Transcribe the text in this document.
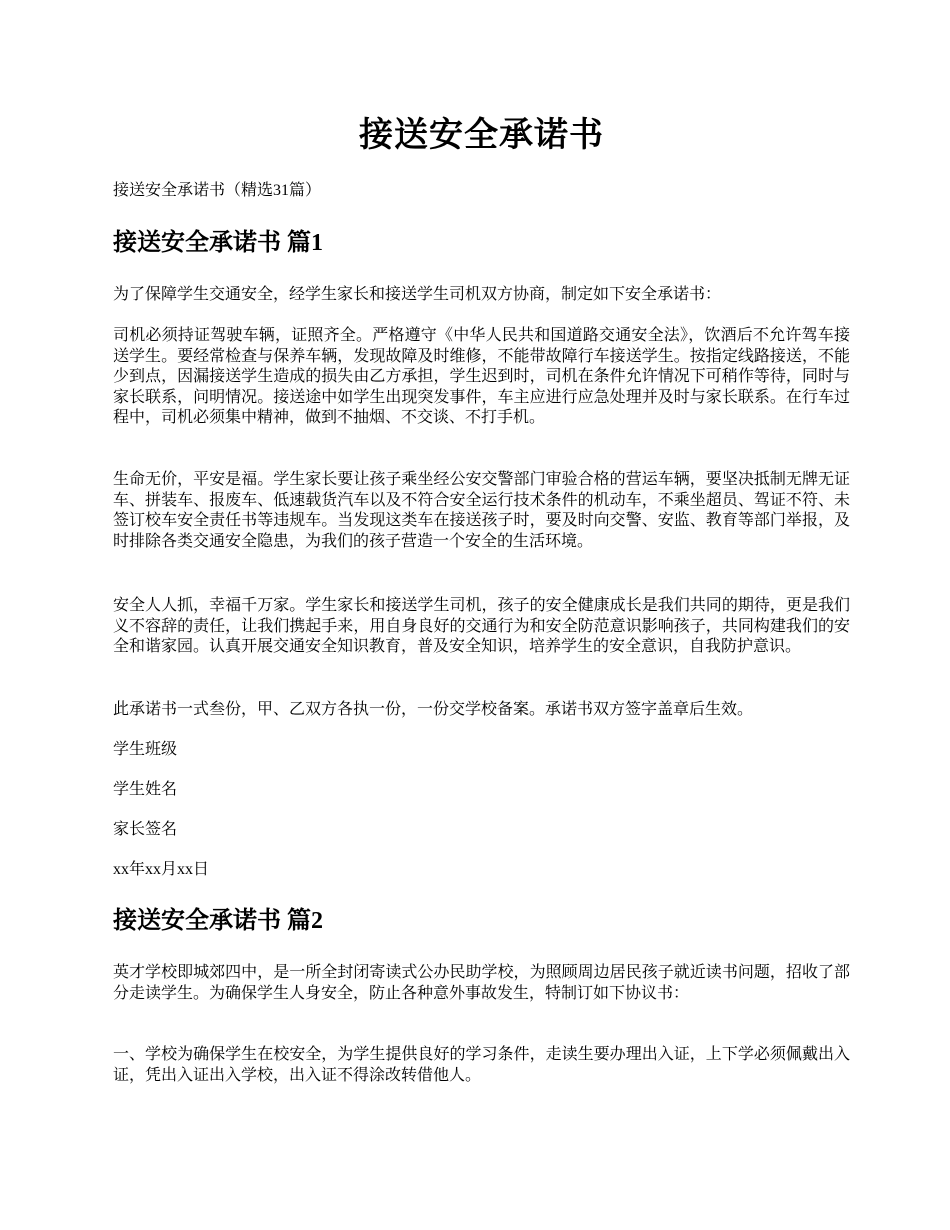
接送安全承诺书

接送安全承诺书（精选31篇）

接送安全承诺书 篇1

为了保障学生交通安全，经学生家长和接送学生司机双方协商，制定如下安全承诺书：

司机必须持证驾驶车辆，证照齐全。严格遵守《中华人民共和国道路交通安全法》，饮酒后不允许驾车接送学生。要经常检查与保养车辆，发现故障及时维修，不能带故障行车接送学生。按指定线路接送，不能少到点，因漏接送学生造成的损失由乙方承担，学生迟到时，司机在条件允许情况下可稍作等待，同时与家长联系，问明情况。接送途中如学生出现突发事件，车主应进行应急处理并及时与家长联系。在行车过程中，司机必须集中精神，做到不抽烟、不交谈、不打手机。

生命无价，平安是福。学生家长要让孩子乘坐经公安交警部门审验合格的营运车辆，要坚决抵制无牌无证车、拼装车、报废车、低速载货汽车以及不符合安全运行技术条件的机动车，不乘坐超员、驾证不符、未签订校车安全责任书等违规车。当发现这类车在接送孩子时，要及时向交警、安监、教育等部门举报，及时排除各类交通安全隐患，为我们的孩子营造一个安全的生活环境。

安全人人抓，幸福千万家。学生家长和接送学生司机，孩子的安全健康成长是我们共同的期待，更是我们义不容辞的责任，让我们携起手来，用自身良好的交通行为和安全防范意识影响孩子，共同构建我们的安全和谐家园。认真开展交通安全知识教育，普及安全知识，培养学生的安全意识，自我防护意识。

此承诺书一式叁份，甲、乙双方各执一份，一份交学校备案。承诺书双方签字盖章后生效。

学生班级

学生姓名

家长签名

xx年xx月xx日

接送安全承诺书 篇2

英才学校即城郊四中，是一所全封闭寄读式公办民助学校，为照顾周边居民孩子就近读书问题，招收了部分走读学生。为确保学生人身安全，防止各种意外事故发生，特制订如下协议书：

一、学校为确保学生在校安全，为学生提供良好的学习条件，走读生要办理出入证，上下学必须佩戴出入证，凭出入证出入学校，出入证不得涂改转借他人。
